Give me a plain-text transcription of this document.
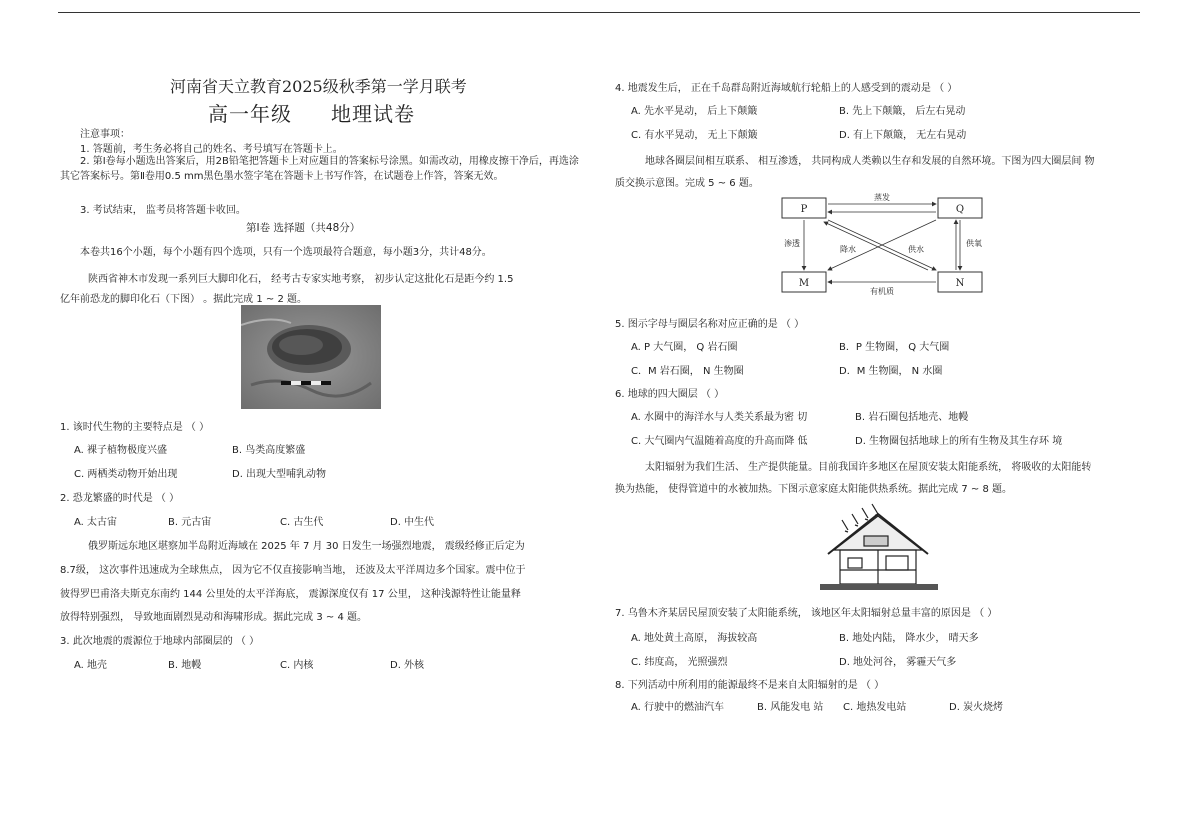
河南省天立教育2025级秋季第一学月联考
高一年级 地理试卷
注意事项：
1. 答题前，考生务必将自己的姓名、考号填写在答题卡上。
2. 第Ⅰ卷每小题选出答案后，用2B铅笔把答题卡上对应题目的答案标号涂黑。如需改动，用橡皮擦干净后，再选涂其它答案标号。第Ⅱ卷用0.5 mm黑色墨水签字笔在答题卡上书写作答，在试题卷上作答，答案无效。
3. 考试结束， 监考员将答题卡收回。
第Ⅰ卷 选择题（共48分）
本卷共16个小题，每个小题有四个选项，只有一个选项最符合题意，每小题3分，共计48分。
陕西省神木市发现一系列巨大脚印化石， 经考古专家实地考察， 初步认定这批化石是距今约 1.5
亿年前恐龙的脚印化石（下图） 。据此完成 1 ~ 2 题。
1. 该时代生物的主要特点是 （ ）
A. 裸子植物极度兴盛	B. 鸟类高度繁盛
C. 两栖类动物开始出现	D. 出现大型哺乳动物
2. 恐龙繁盛的时代是 （ ）
A. 太古宙	B. 元古宙	C. 古生代	D. 中生代
俄罗斯远东地区堪察加半岛附近海域在 2025 年 7 月 30 日发生一场强烈地震， 震级经修正后定为
8.7级， 这次事件迅速成为全球焦点， 因为它不仅直接影响当地， 还波及太平洋周边多个国家。震中位于
彼得罗巴甫洛夫斯克东南约 144 公里处的太平洋海底， 震源深度仅有 17 公里， 这种浅源特性让能量释
放得特别强烈， 导致地面剧烈晃动和海啸形成。据此完成 3 ~ 4 题。
3. 此次地震的震源位于地球内部圈层的 （ ）
A. 地壳	B. 地幔	C. 内核	D. 外核
4. 地震发生后， 正在千岛群岛附近海域航行轮船上的人感受到的震动是 （ ）
A. 先水平晃动， 后上下颠簸	B. 先上下颠簸， 后左右晃动
C. 有水平晃动， 无上下颠簸	D. 有上下颠簸， 无左右晃动
地球各圈层间相互联系、 相互渗透， 共同构成人类赖以生存和发展的自然环境。下图为四大圈层间 物
质交换示意图。完成 5 ~ 6 题。
P	Q
M	N
蒸发
渗透
降水	供水
供氧
有机质
5. 图示字母与圈层名称对应正确的是 （ ）
A. P 大气圈， Q 岩石圈	B．P 生物圈， Q 大气圈
C．M 岩石圈， N 生物圈	D．M 生物圈， N 水圈
6. 地球的四大圈层 （ ）
A. 水圈中的海洋水与人类关系最为密 切	B. 岩石圈包括地壳、地幔
C. 大气圈内气温随着高度的升高而降 低	D. 生物圈包括地球上的所有生物及其生存环 境
太阳辐射为我们生活、 生产提供能量。目前我国许多地区在屋顶安装太阳能系统， 将吸收的太阳能转
换为热能， 使得管道中的水被加热。下图示意家庭太阳能供热系统。据此完成 7 ~ 8 题。
7. 乌鲁木齐某居民屋顶安装了太阳能系统， 该地区年太阳辐射总量丰富的原因是 （ ）
A. 地处黄土高原， 海拔较高	B. 地处内陆， 降水少， 晴天多
C. 纬度高， 光照强烈	D. 地处河谷， 雾霾天气多
8. 下列活动中所利用的能源最终不是来自太阳辐射的是 （ ）
A. 行驶中的燃油汽车	B. 风能发电 站 C. 地热发电站	D. 炭火烧烤
